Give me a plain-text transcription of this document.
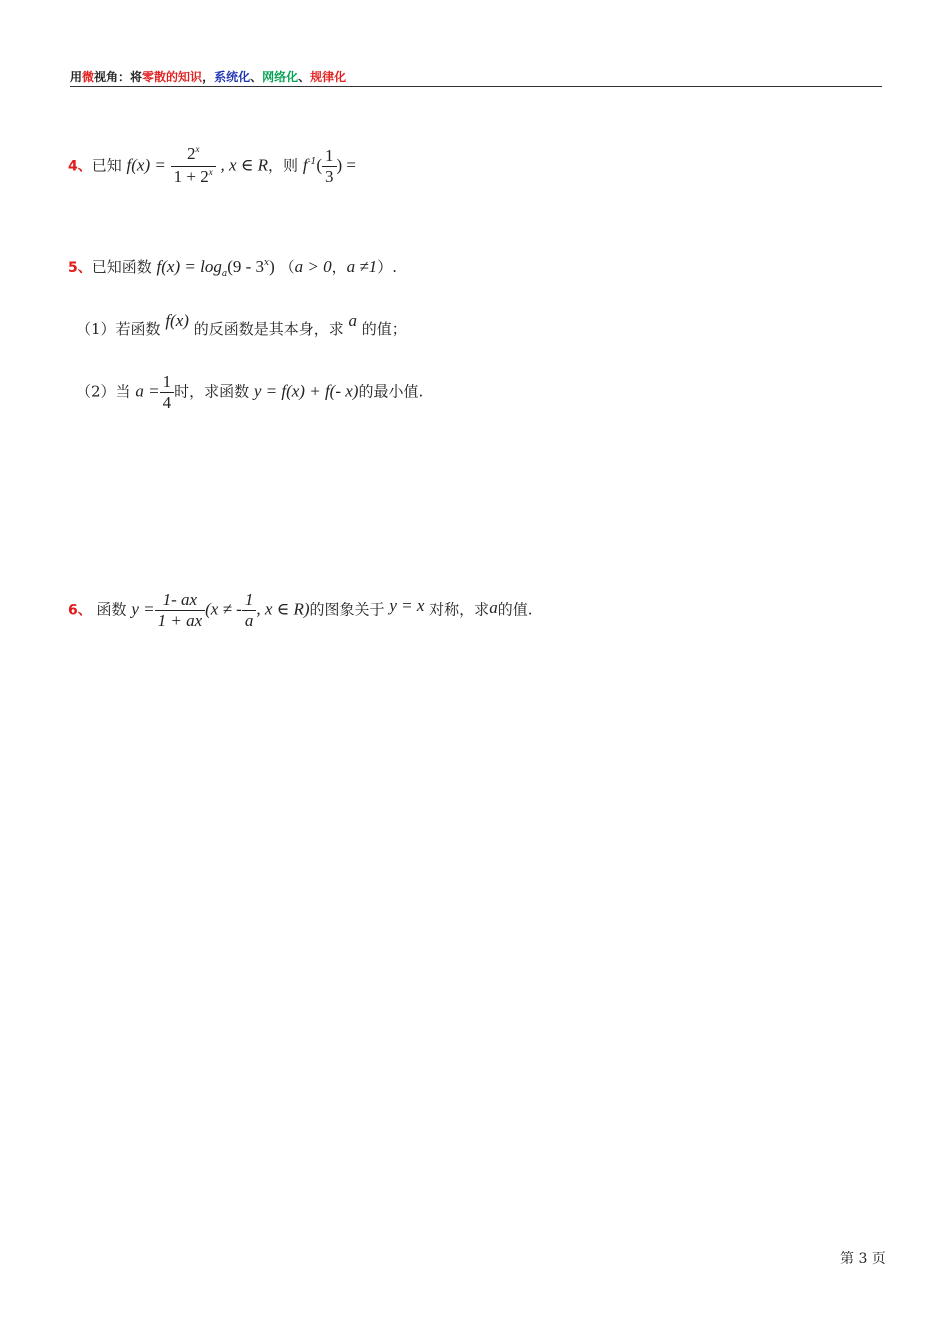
用微视角：将零散的知识，系统化、网络化、规律化
4、已知 $f(x) = \frac{2^x}{1 + 2^x}$ , x ∈ R，则 $f^{-1}( \frac{1}{3}$ ) =
5、已知函数 $f(x) = \log_a(9 - 3^x) (a > 0$，a ≠1）.
（1）若函数 f(x) 的反函数是其本身，求 a 的值；
（2）当 $a = \frac{1}{4}$ 时，求函数 y = f(x) + f(- x)的最小值.
6、 函数 $y = \frac{1- ax}{1 + ax} (x$ ≠ - $\frac{1}{a}$ , x ∈ R)的图象关于 y = x 对称，求a的值.
第 3 页
